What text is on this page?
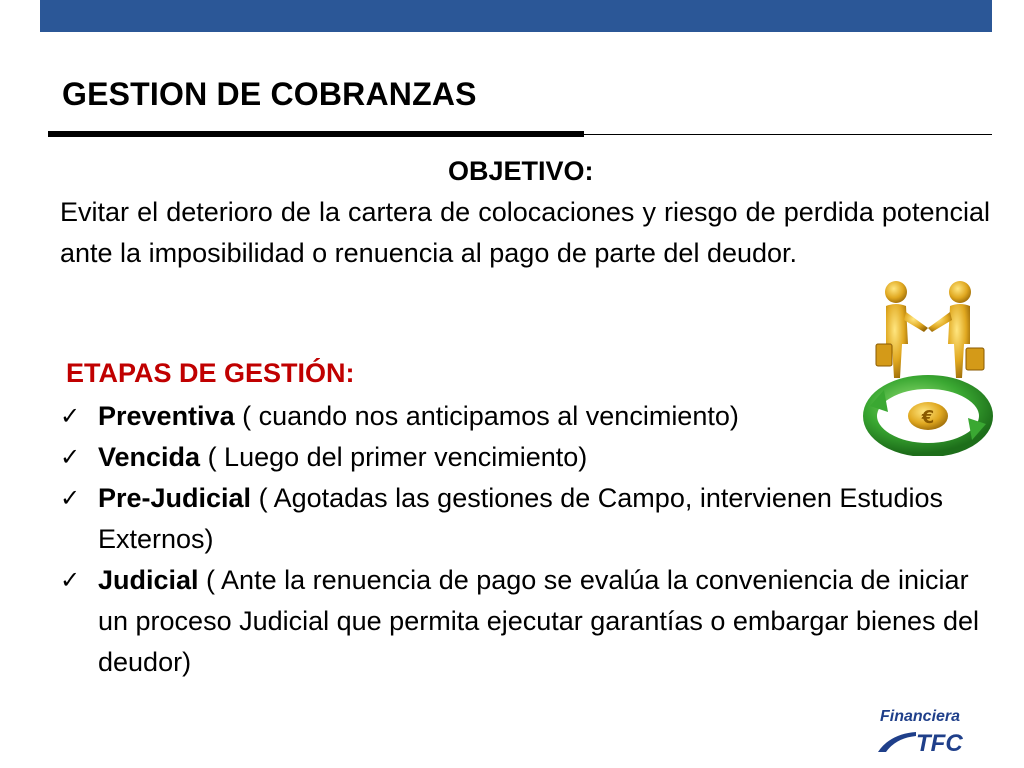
GESTION DE COBRANZAS
OBJETIVO:
Evitar el deterioro de la cartera de colocaciones y riesgo de perdida potencial ante la imposibilidad o renuencia al pago de parte del deudor.
ETAPAS DE GESTIÓN:
✓ Preventiva ( cuando nos anticipamos al vencimiento)
✓ Vencida ( Luego del primer vencimiento)
✓ Pre-Judicial ( Agotadas las gestiones de Campo, intervienen Estudios Externos)
✓ Judicial ( Ante la renuencia de pago se evalúa la conveniencia de iniciar un proceso Judicial que permita ejecutar garantías o embargar bienes del deudor)
€
Financiera
TFC
